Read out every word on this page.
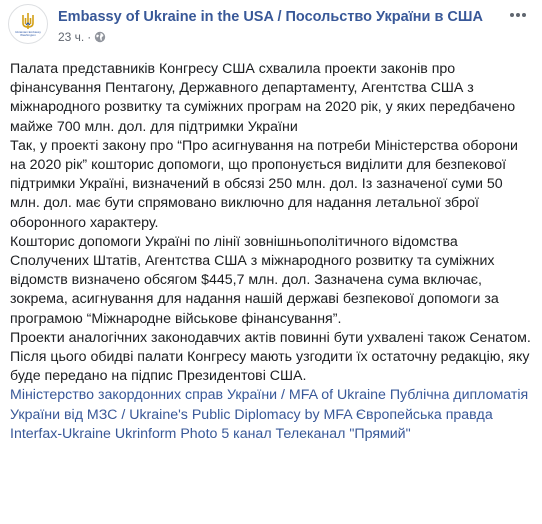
Ukrainian Embassy Washington
Embassy of Ukraine in the USA / Посольство України в США
23 ч. ·

Палата представників Конгресу США схвалила проекти законів про фінансування Пентагону, Державного департаменту, Агентства США з міжнародного розвитку та суміжних програм на 2020 рік, у яких передбачено майже 700 млн. дол. для підтримки України

Так, у проекті закону про “Про асигнування на потреби Міністерства оборони на 2020 рік” кошторис допомоги, що пропонується виділити для безпекової підтримки Україні, визначений в обсязі 250 млн. дол. Із зазначеної суми 50 млн. дол. має бути спрямовано виключно для надання летальної зброї оборонного характеру.

Кошторис допомоги Україні по лінії зовнішньополітичного відомства Сполучених Штатів, Агентства США з міжнародного розвитку та суміжних відомств визначено обсягом $445,7 млн. дол. Зазначена сума включає, зокрема, асигнування для надання нашій державі безпекової допомоги за програмою “Міжнародне військове фінансування”.

Проекти аналогічних законодавчих актів повинні бути ухвалені також Сенатом. Після цього обидві палати Конгресу мають узгодити їх остаточну редакцію, яку буде передано на підпис Президентові США.

Міністерство закордонних справ України / MFA of Ukraine Публічна дипломатія України від МЗС / Ukraine's Public Diplomacy by MFA Європейська правда Interfax-Ukraine Ukrinform Photo 5 канал Телеканал "Прямий"
